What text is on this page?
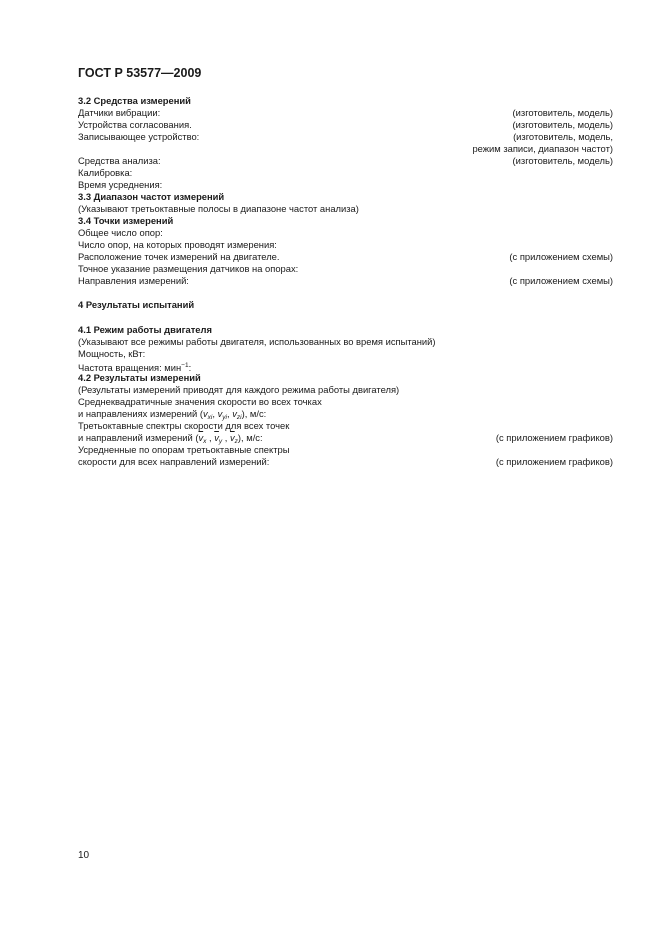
ГОСТ Р 53577—2009
3.2 Средства измерений
Датчики вибрации:	(изготовитель, модель)
Устройства согласования.	(изготовитель, модель)
Записывающее устройство:	(изготовитель, модель,
режим записи, диапазон частот)
Средства анализа:	(изготовитель, модель)
Калибровка:
Время усреднения:
3.3 Диапазон частот измерений
(Указывают третьоктавные полосы в диапазоне частот анализа)
3.4 Точки измерений
Общее число опор:
Число опор, на которых проводят измерения:
Расположение точек измерений на двигателе.	(с приложением схемы)
Точное указание размещения датчиков на опорах:
Направления измерений:	(с приложением схемы)
4 Результаты испытаний
4.1 Режим работы двигателя
(Указывают все режимы работы двигателя, использованных во время испытаний)
Мощность, кВт:
Частота вращения: мин$^{-1}$:
4.2 Результаты измерений
(Результаты измерений приводят для каждого режима работы двигателя)
Среднеквадратичные значения скорости во всех точках
и направлениях измерений ($v_{xi}$, $v_{yi}$, $v_{zi}$), м/с:
Третьоктавные спектры скорости для всех точек
и направлений измерений ($\overline{v}_x$ , $\overline{v}_y$ , $\overline{v}_z$), м/с:	(с приложением графиков)
Усредненные по опорам третьоктавные спектры
скорости для всех направлений измерений:	(с приложением графиков)
10
